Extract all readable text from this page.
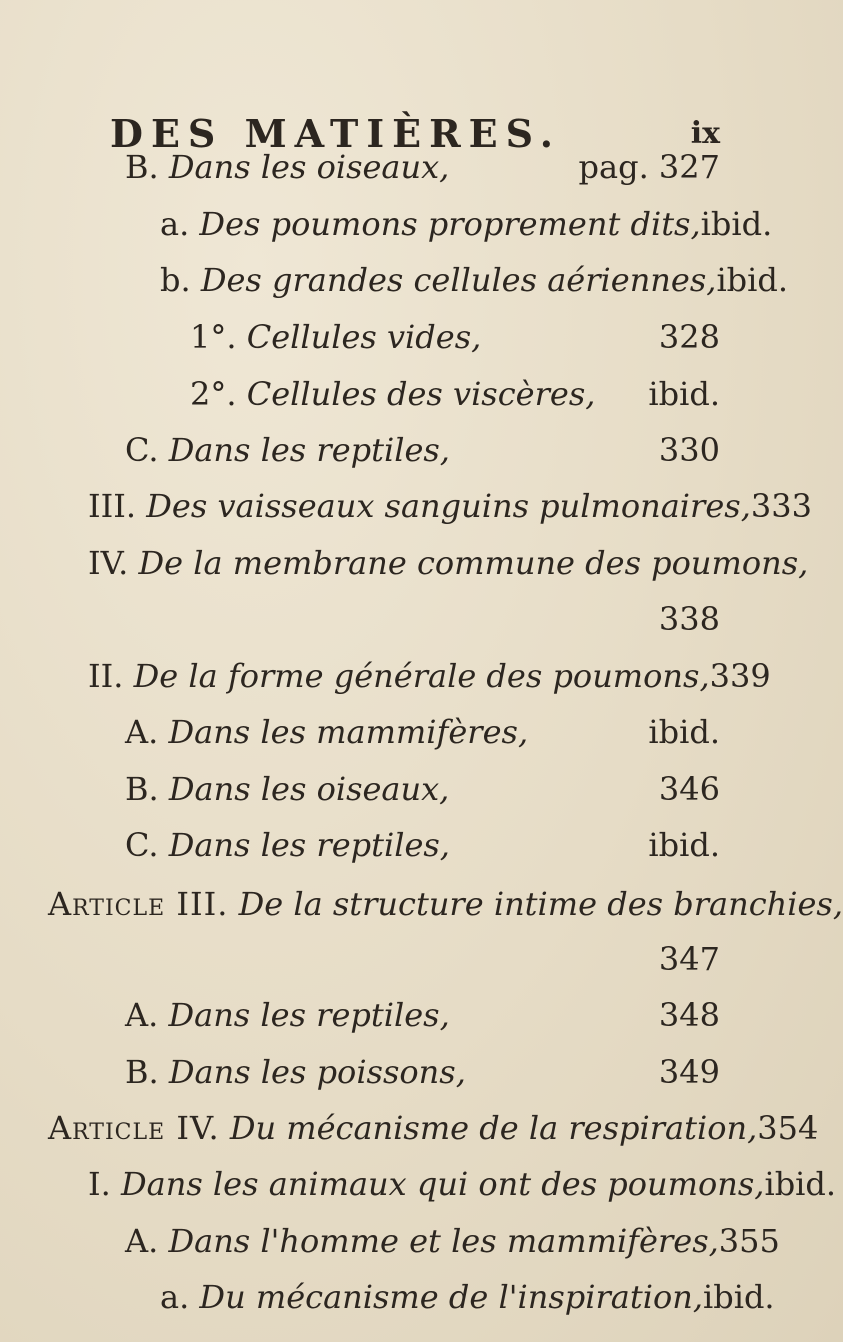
DES MATIÈRES.	ix
B. Dans les oiseaux,	pag. 327
a. Des poumons proprement dits, ibid.
b. Des grandes cellules aériennes, ibid.
1°. Cellules vides,	328
2°. Cellules des viscères, ibid.
C. Dans les reptiles,	330
III. Des vaisseaux sanguins pulmonaires, 333
IV. De la membrane commune des poumons,
338
II. De la forme générale des poumons, 339
A. Dans les mammifères,	ibid.
B. Dans les oiseaux,	346
C. Dans les reptiles,	ibid.
Article III. De la structure intime des branchies,
347
A. Dans les reptiles,	348
B. Dans les poissons,	349
Article IV. Du mécanisme de la respiration, 354
I. Dans les animaux qui ont des poumons, ibid.
A. Dans l'homme et les mammifères, 355
a. Du mécanisme de l'inspiration, ibid.
